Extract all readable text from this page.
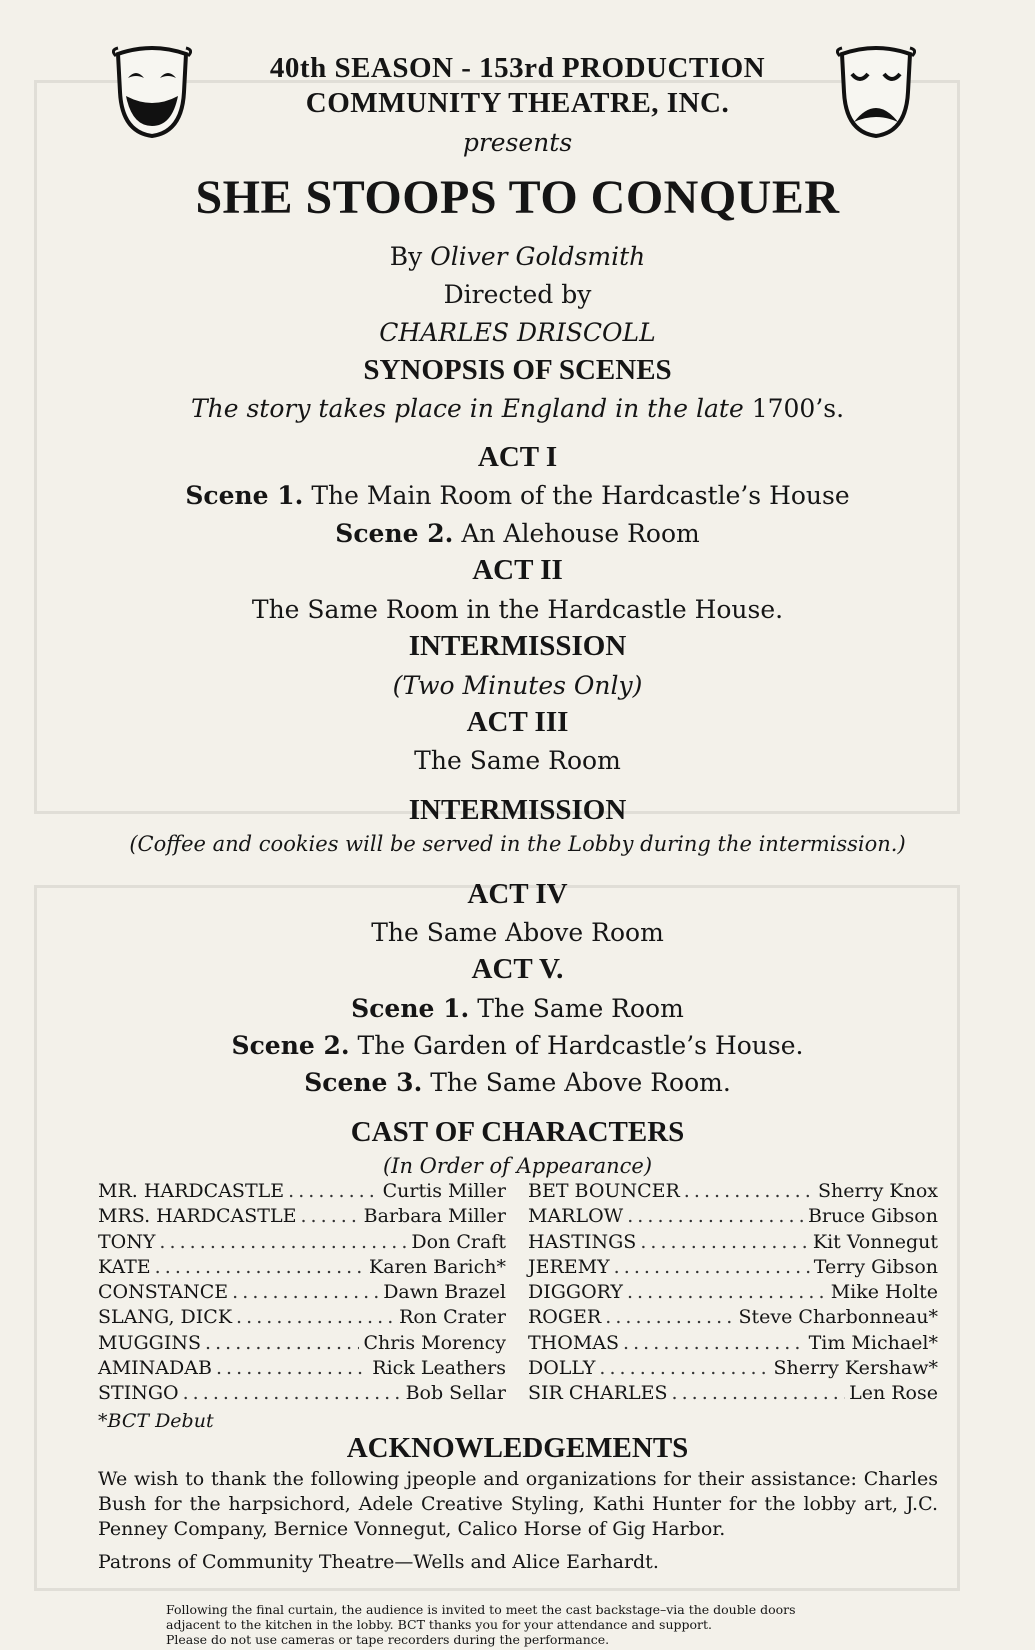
40th SEASON - 153rd PRODUCTION
COMMUNITY THEATRE, INC.
presents
SHE STOOPS TO CONQUER
By Oliver Goldsmith
Directed by
CHARLES DRISCOLL
SYNOPSIS OF SCENES
The story takes place in England in the late 1700’s.
ACT I
Scene 1. The Main Room of the Hardcastle’s House
Scene 2. An Alehouse Room
ACT II
The Same Room in the Hardcastle House.
INTERMISSION
(Two Minutes Only)
ACT III
The Same Room
INTERMISSION
(Coffee and cookies will be served in the Lobby during the intermission.)
ACT IV
The Same Above Room
ACT V.
Scene 1. The Same Room
Scene 2. The Garden of Hardcastle’s House.
Scene 3. The Same Above Room.
CAST OF CHARACTERS
(In Order of Appearance)
MR. HARDCASTLE . . .	Curtis Miller
MRS. HARDCASTLE . . .	Barbara Miller
TONY . . .	Don Craft
KATE . . .	Karen Barich*
CONSTANCE . . .	Dawn Brazel
SLANG, DICK . . .	Ron Crater
MUGGINS . . .	Chris Morency
AMINADAB . . .	Rick Leathers
STINGO . . .	Bob Sellar
BET BOUNCER . . .	Sherry Knox
MARLOW . . .	Bruce Gibson
HASTINGS . . .	Kit Vonnegut
JEREMY . . .	Terry Gibson
DIGGORY . . .	Mike Holte
ROGER . . .	Steve Charbonneau*
THOMAS . . .	Tim Michael*
DOLLY . . .	Sherry Kershaw*
SIR CHARLES . . .	Len Rose
*BCT Debut
ACKNOWLEDGEMENTS
We wish to thank the following jpeople and organizations for their assistance: Charles Bush for the harpsichord, Adele Creative Styling, Kathi Hunter for the lobby art, J.C. Penney Company, Bernice Vonnegut, Calico Horse of Gig Harbor.
Patrons of Community Theatre—Wells and Alice Earhardt.
Following the final curtain, the audience is invited to meet the cast backstage–via the double doors
adjacent to the kitchen in the lobby. BCT thanks you for your attendance and support.
Please do not use cameras or tape recorders during the performance.
